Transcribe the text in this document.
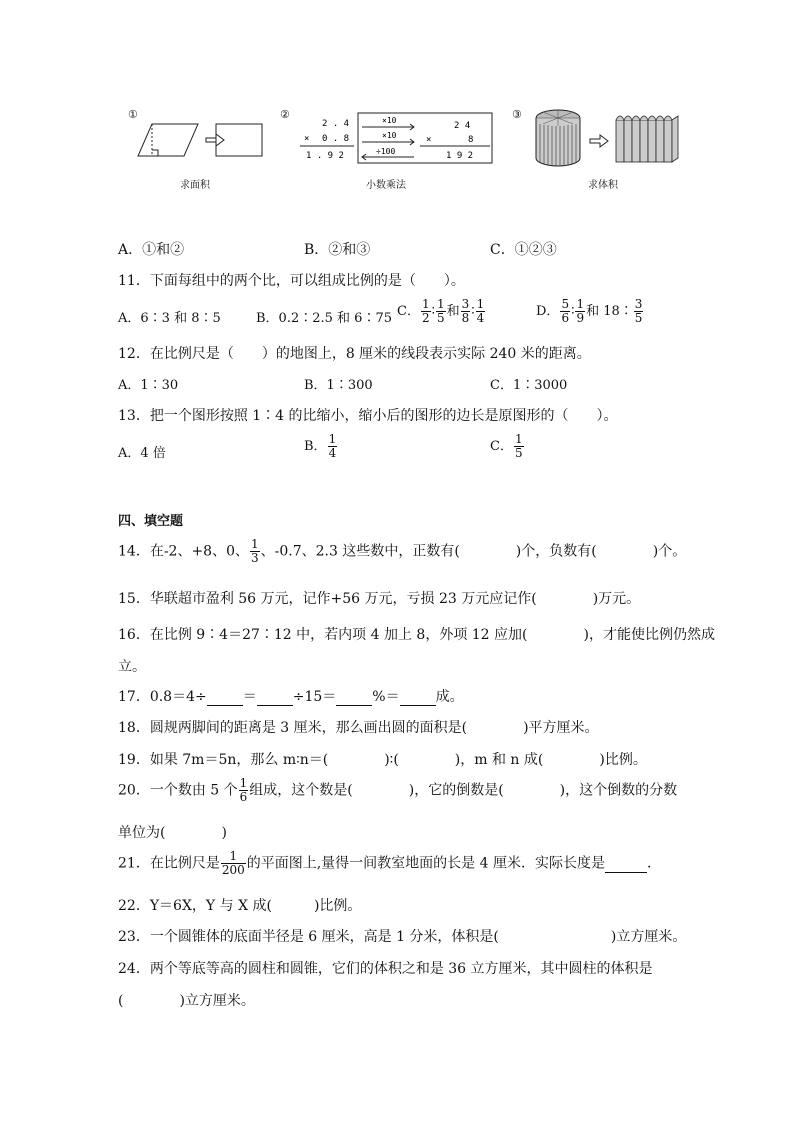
①
求面积
②
2 . 4
× 0 . 8
1 . 9 2
×10
×10
÷100
2 4
×	8
1 9 2
小数乘法
③
求体积
A．①和②	B．②和③	C．①②③
11．下面每组中的两个比，可以组成比例的是（　　）。
A．6∶3 和 8∶5	B．0.2∶2.5 和 6∶75 C． $\frac{1}{2}$ ∶ $\frac{1}{5}$ 和 $\frac{3}{8}$ ∶ $\frac{1}{4}$	D． $\frac{5}{6}$ ∶ $\frac{1}{9}$ 和 18∶ $\frac{3}{5}$
12．在比例尺是（　　）的地图上，8 厘米的线段表示实际 240 米的距离。
A．1∶30	B．1∶300	C．1∶3000
13．把一个图形按照 1∶4 的比缩小，缩小后的图形的边长是原图形的（　　）。
A．4 倍	B． $\frac{1}{4}$	C． $\frac{1}{5}$
四、填空题
14．在-2、+8、0、 $\frac{1}{3}$ 、-0.7、2.3 这些数中，正数有(　　　　)个，负数有(　　　　)个。
15．华联超市盈利 56 万元，记作+56 万元，亏损 23 万元应记作(　　　　)万元。
16．在比例 9∶4＝27∶12 中，若内项 4 加上 8，外项 12 应加(　　　　)，才能使比例仍然成
立。
17．0.8＝4÷	＝	÷15＝	%＝	成。
18．圆规两脚间的距离是 3 厘米，那么画出圆的面积是(　　　　)平方厘米。
19．如果 7m＝5n，那么 m∶n＝(　　　　)∶(　　　　)，m 和 n 成(　　　　)比例。
20．一个数由 5 个 $\frac{1}{6}$ 组成，这个数是(　　　　)，它的倒数是(　　　　)，这个倒数的分数
单位为(　　　　)
21．在比例尺是 $\frac{1}{200}$ 的平面图上,量得一间教室地面的长是 4 厘米．实际长度是	．
22．Y＝6X，Y 与 X 成(　　　)比例。
23．一个圆锥体的底面半径是 6 厘米，高是 1 分米，体积是(　　　　　　　　)立方厘米。
24．两个等底等高的圆柱和圆锥，它们的体积之和是 36 立方厘米，其中圆柱的体积是
(　　　　)立方厘米。
